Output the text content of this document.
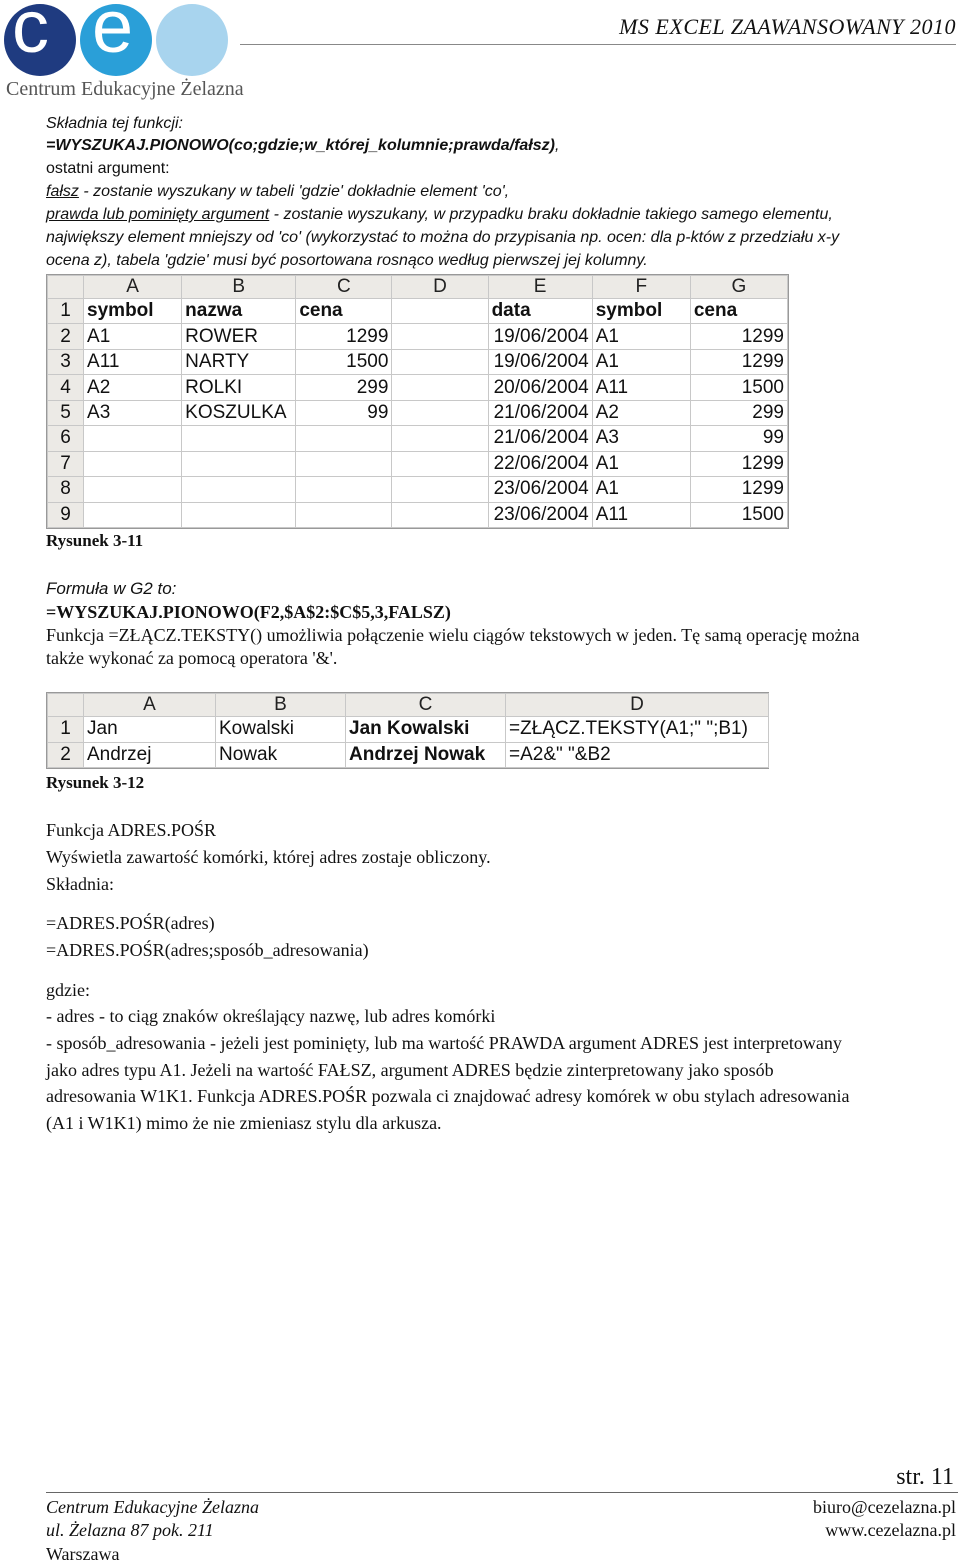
c e
Centrum Edukacyjne Żelazna
MS EXCEL ZAAWANSOWANY 2010
Składnia tej funkcji:
=WYSZUKAJ.PIONOWO(co;gdzie;w_której_kolumnie;prawda/fałsz),
ostatni argument:
fałsz - zostanie wyszukany w tabeli 'gdzie' dokładnie element 'co',
prawda lub pominięty argument - zostanie wyszukany, w przypadku braku dokładnie takiego samego elementu,
największy element mniejszy od 'co' (wykorzystać to można do przypisania np. ocen: dla p-któw z przedziału x-y
ocena z), tabela 'gdzie' musi być posortowana rosnąco według pierwszej jej kolumny.
	A	B	C	D	E	F	G
1	symbol	nazwa	cena		data	symbol	cena
2	A1	ROWER	1299		19/06/2004	A1	1299
3	A11	NARTY	1500		19/06/2004	A1	1299
4	A2	ROLKI	299		20/06/2004	A11	1500
5	A3	KOSZULKA	99		21/06/2004	A2	299
6					21/06/2004	A3	99
7					22/06/2004	A1	1299
8					23/06/2004	A1	1299
9					23/06/2004	A11	1500
Rysunek 3-11
Formuła w G2 to:
=WYSZUKAJ.PIONOWO(F2,$A$2:$C$5,3,FALSZ)
Funkcja =ZŁĄCZ.TEKSTY() umożliwia połączenie wielu ciągów tekstowych w jeden. Tę samą operację można
także wykonać za pomocą operatora '&'.
	A	B	C	D
1	Jan	Kowalski	Jan Kowalski	=ZŁĄCZ.TEKSTY(A1;" ";B1)
2	Andrzej	Nowak	Andrzej Nowak	=A2&" "&B2
Rysunek 3-12
Funkcja ADRES.POŚR
Wyświetla zawartość komórki, której adres zostaje obliczony.
Składnia:
=ADRES.POŚR(adres)
=ADRES.POŚR(adres;sposób_adresowania)
gdzie:
- adres - to ciąg znaków określający nazwę, lub adres komórki
- sposób_adresowania - jeżeli jest pominięty, lub ma wartość PRAWDA argument ADRES jest interpretowany
jako adres typu A1. Jeżeli na wartość FAŁSZ, argument ADRES będzie zinterpretowany jako sposób
adresowania W1K1. Funkcja ADRES.POŚR pozwala ci znajdować adresy komórek w obu stylach adresowania
(A1 i W1K1) mimo że nie zmieniasz stylu dla arkusza.
str. 11
Centrum Edukacyjne Żelazna
ul. Żelazna 87 pok. 211
Warszawa
biuro@cezelazna.pl
www.cezelazna.pl
